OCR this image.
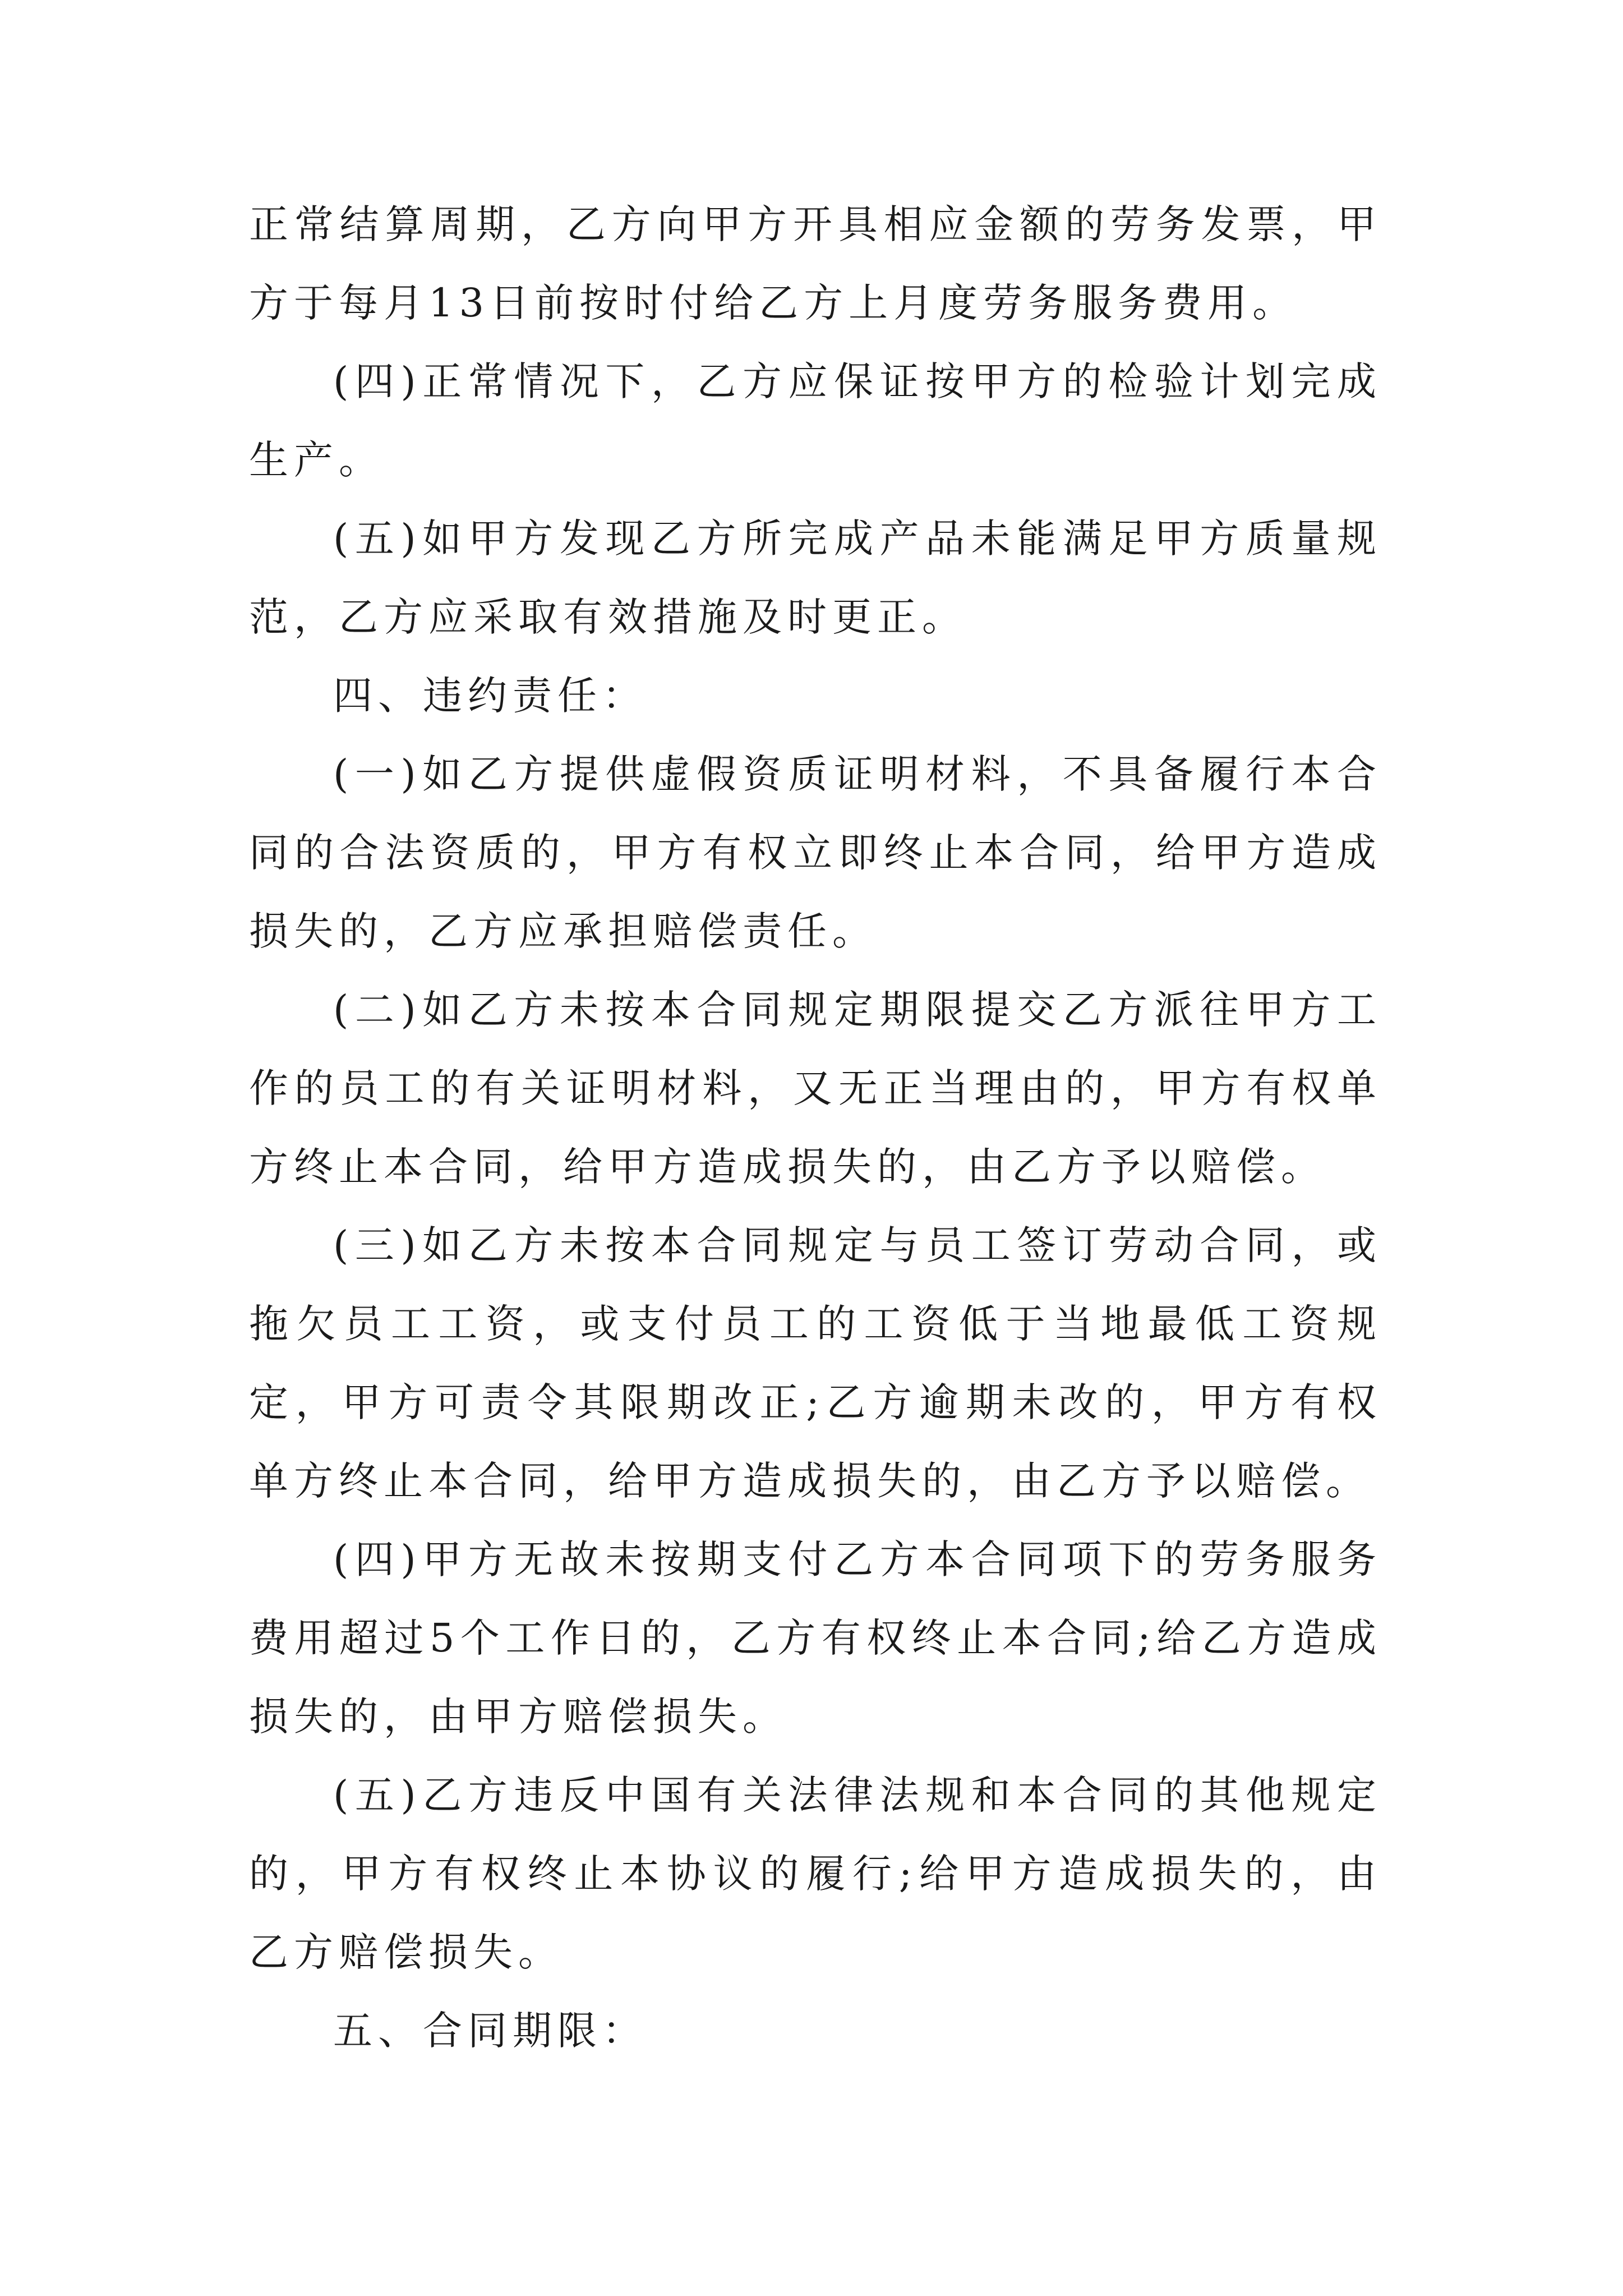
正常结算周期，乙方向甲方开具相应金额的劳务发票，甲方于每月13日前按时付给乙方上月度劳务服务费用。

(四)正常情况下，乙方应保证按甲方的检验计划完成生产。

(五)如甲方发现乙方所完成产品未能满足甲方质量规范，乙方应采取有效措施及时更正。

四、违约责任：

(一)如乙方提供虚假资质证明材料，不具备履行本合同的合法资质的，甲方有权立即终止本合同，给甲方造成损失的，乙方应承担赔偿责任。

(二)如乙方未按本合同规定期限提交乙方派往甲方工作的员工的有关证明材料，又无正当理由的，甲方有权单方终止本合同，给甲方造成损失的，由乙方予以赔偿。

(三)如乙方未按本合同规定与员工签订劳动合同，或拖欠员工工资，或支付员工的工资低于当地最低工资规定，甲方可责令其限期改正;乙方逾期未改的，甲方有权单方终止本合同，给甲方造成损失的，由乙方予以赔偿。

(四)甲方无故未按期支付乙方本合同项下的劳务服务费用超过5个工作日的，乙方有权终止本合同;给乙方造成损失的，由甲方赔偿损失。

(五)乙方违反中国有关法律法规和本合同的其他规定的，甲方有权终止本协议的履行;给甲方造成损失的，由乙方赔偿损失。

五、合同期限：
